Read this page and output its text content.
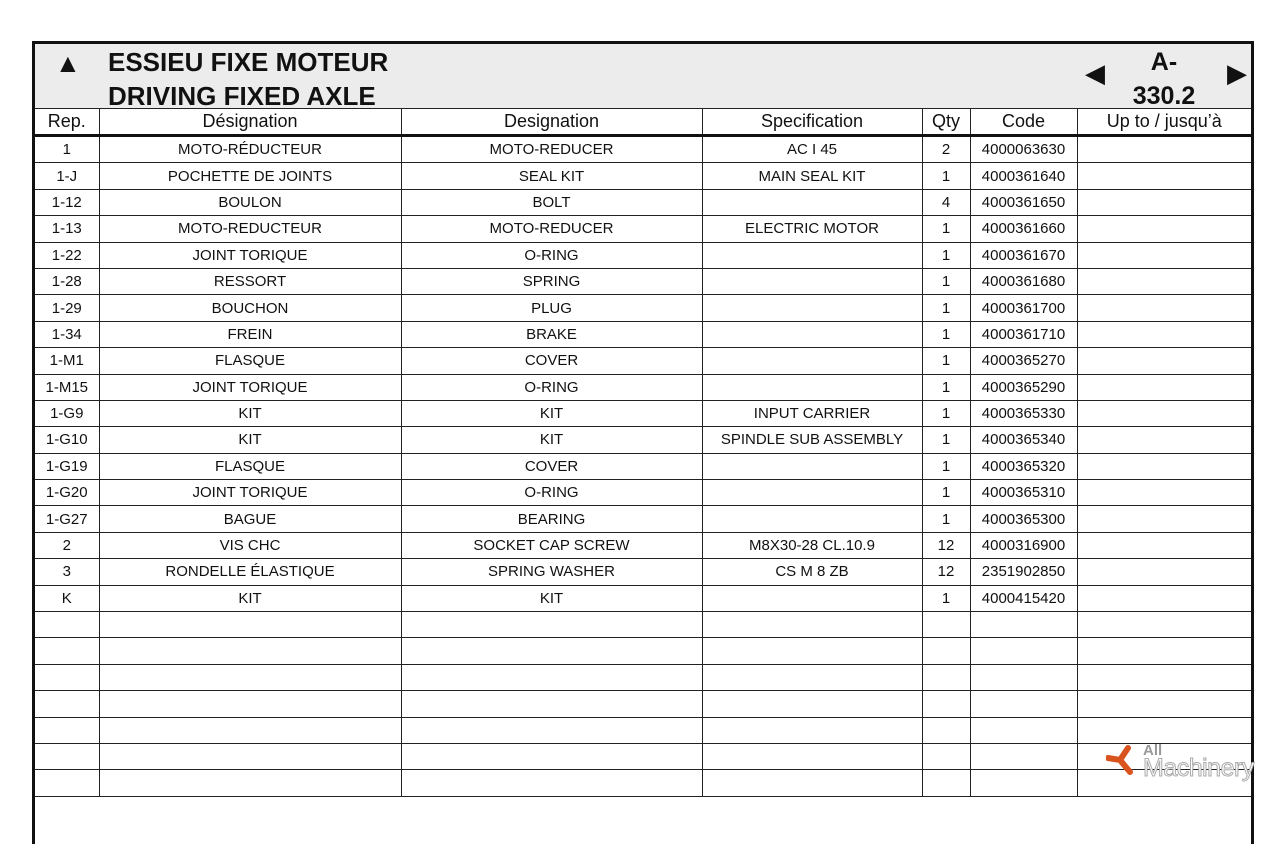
▲ ESSIEU FIXE MOTEUR
DRIVING FIXED AXLE
◀	A-
330.2
▶
Rep.	Désignation	Designation	Specification	Qty	Code	Up to / jusqu’à
1	MOTO-RÉDUCTEUR	MOTO-REDUCER	AC I 45	2	4000063630	
1-J	POCHETTE DE JOINTS	SEAL KIT	MAIN SEAL KIT	1	4000361640	
1-12	BOULON	BOLT		4	4000361650	
1-13	MOTO-REDUCTEUR	MOTO-REDUCER	ELECTRIC MOTOR	1	4000361660	
1-22	JOINT TORIQUE	O-RING		1	4000361670	
1-28	RESSORT	SPRING		1	4000361680	
1-29	BOUCHON	PLUG		1	4000361700	
1-34	FREIN	BRAKE		1	4000361710	
1-M1	FLASQUE	COVER		1	4000365270	
1-M15	JOINT TORIQUE	O-RING		1	4000365290	
1-G9	KIT	KIT	INPUT CARRIER	1	4000365330	
1-G10	KIT	KIT	SPINDLE SUB ASSEMBLY	1	4000365340	
1-G19	FLASQUE	COVER		1	4000365320	
1-G20	JOINT TORIQUE	O-RING		1	4000365310	
1-G27	BAGUE	BEARING		1	4000365300	
2	VIS CHC	SOCKET CAP SCREW	M8X30-28 CL.10.9	12	4000316900	
3	RONDELLE ÉLASTIQUE	SPRING WASHER	CS M 8 ZB	12	2351902850	
K	KIT	KIT		1	4000415420	

All
Machinery
